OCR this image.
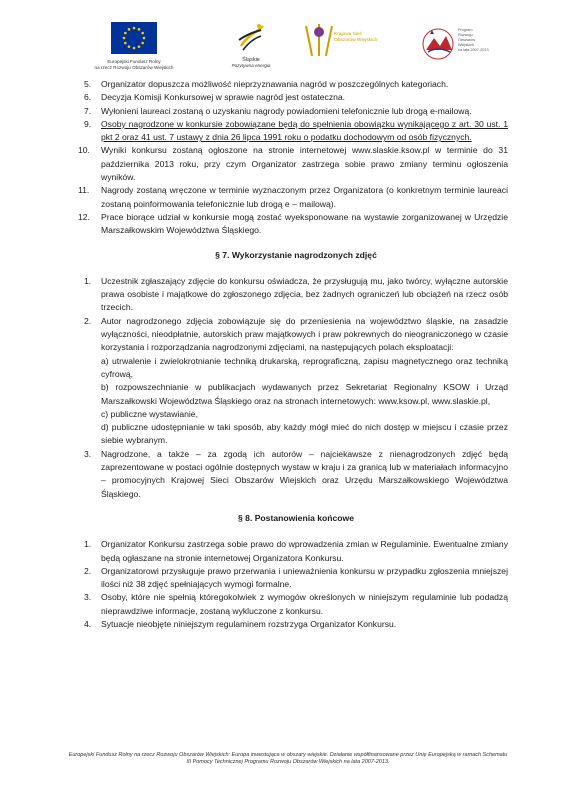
Europejski Fundusz Rolny
na rzecz Rozwoju Obszarów Wiejskich
Śląskie
Pozytywna energia
Krajowa Sieć
Obszarów Wiejskich
Program
Rozwoju
Obszarów
Wiejskich
na lata 2007-2013
5. Organizator dopuszcza możliwość nieprzyznawania nagród w poszczególnych kategoriach.
6. Decyzja Komisji Konkursowej w sprawie nagród jest ostateczna.
7. Wyłonieni laureaci zostaną o uzyskaniu nagrody powiadomieni telefonicznie lub drogą e-mailową.
9. Osoby nagrodzone w konkursie zobowiązane będą do spełnienia obowiązku wynikającego z art. 30 ust. 1 pkt 2 oraz 41 ust. 7 ustawy z dnia 26 lipca 1991 roku o podatku dochodowym od osób fizycznych.
10. Wyniki konkursu zostaną ogłoszone na stronie internetowej www.slaskie.ksow.pl w terminie do 31 października 2013 roku, przy czym Organizator zastrzega sobie prawo zmiany terminu ogłoszenia wyników.
11. Nagrody zostaną wręczone w terminie wyznaczonym przez Organizatora (o konkretnym terminie laureaci zostaną poinformowania telefonicznie lub drogą e – mailową).
12. Prace biorące udział w konkursie mogą zostać wyeksponowane na wystawie zorganizowanej w Urzędzie Marszałkowskim Województwa Śląskiego.
§ 7. Wykorzystanie nagrodzonych zdjęć
1. Uczestnik zgłaszający zdjęcie do konkursu oświadcza, że przysługują mu, jako twórcy, wyłączne autorskie prawa osobiste i majątkowe do zgłoszonego zdjęcia, bez żadnych ograniczeń lub obciążeń na rzecz osób trzecich.
2. Autor nagrodzonego zdjęcia zobowiązuje się do przeniesienia na województwo śląskie, na zasadzie wyłączności, nieodpłatnie, autorskich praw majątkowych i praw pokrewnych do nieograniczonego w czasie korzystania i rozporządzania nagrodzonymi zdjęciami, na następujących polach eksploatacji:
a) utrwalenie i zwielokrotnianie techniką drukarską, reprograficzną, zapisu magnetycznego oraz techniką cyfrową,
b) rozpowszechnianie w publikacjach wydawanych przez Sekretariat Regionalny KSOW i Urząd Marszałkowski Województwa Śląskiego oraz na stronach internetowych: www.ksow.pl, www.slaskie.pl,
c) publiczne wystawianie,
d) publiczne udostępnianie w taki sposób, aby każdy mógł mieć do nich dostęp w miejscu i czasie przez siebie wybranym.
3. Nagrodzone, a także – za zgodą ich autorów – najciekawsze z nienagrodzonych zdjęć będą zaprezentowane w postaci ogólnie dostępnych wystaw w kraju i za granicą lub w materiałach informacyjno – promocyjnych Krajowej Sieci Obszarów Wiejskich oraz Urzędu Marszałkowskiego Województwa Śląskiego.
§ 8. Postanowienia końcowe
1. Organizator Konkursu zastrzega sobie prawo do wprowadzenia zmian w Regulaminie. Ewentualne zmiany będą ogłaszane na stronie internetowej Organizatora Konkursu.
2. Organizatorowi przysługuje prawo przerwania i unieważnienia konkursu w przypadku zgłoszenia mniejszej ilości niż 38 zdjęć spełniających wymogi formalne.
3. Osoby, które nie spełnią któregokolwiek z wymogów określonych w niniejszym regulaminie lub podadzą nieprawdziwe informacje, zostaną wykluczone z konkursu.
4. Sytuacje nieobjęte niniejszym regulaminem rozstrzyga Organizator Konkursu.
Europejski Fundusz Rolny na rzecz Rozwoju Obszarów Wiejskich: Europa inwestująca w obszary wiejskie. Działanie współfinansowane przez Unię Europejską w ramach Schematu III Pomocy Technicznej Programu Rozwoju Obszarów Wiejskich na lata 2007-2013.
